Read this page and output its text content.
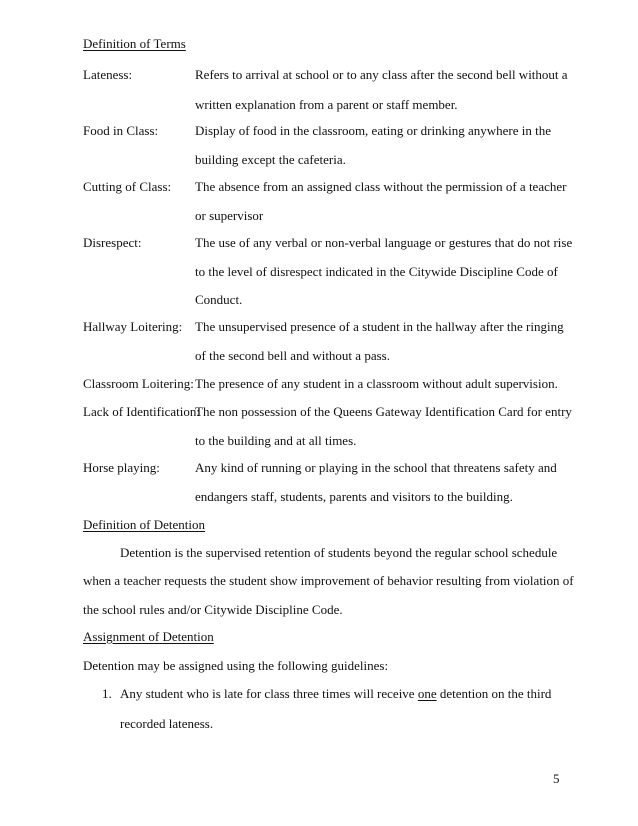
Definition of Terms
Lateness:	Refers to arrival at school or to any class after the second bell without a
written explanation from a parent or staff member.
Food in Class:	Display of food in the classroom, eating or drinking anywhere in the
building except the cafeteria.
Cutting of Class: The absence from an assigned class without the permission of a teacher
or supervisor
Disrespect:	The use of any verbal or non-verbal language or gestures that do not rise
to the level of disrespect indicated in the Citywide Discipline Code of
Conduct.
Hallway Loitering: The unsupervised presence of a student in the hallway after the ringing
of the second bell and without a pass.
Classroom Loitering: The presence of any student in a classroom without adult supervision.
Lack of Identification:
The non possession of the Queens Gateway Identification Card for entry
to the building and at all times.
Horse playing:	Any kind of running or playing in the school that threatens safety and
endangers staff, students, parents and visitors to the building.
Definition of Detention
Detention is the supervised retention of students beyond the regular school schedule
when a teacher requests the student show improvement of behavior resulting from violation of
the school rules and/or Citywide Discipline Code.
Assignment of Detention
Detention may be assigned using the following guidelines:
1. Any student who is late for class three times will receive one detention on the third
recorded lateness.
5
